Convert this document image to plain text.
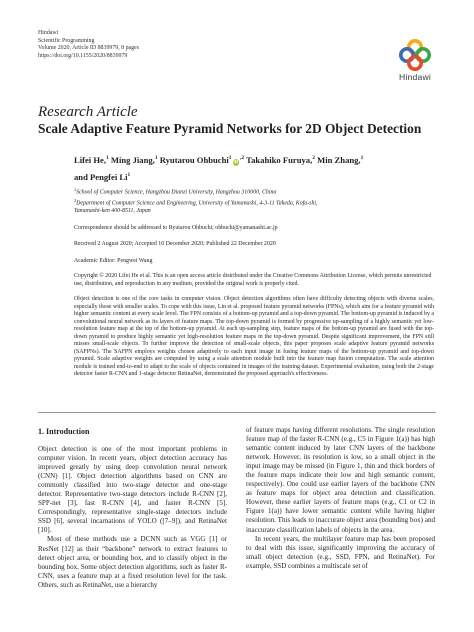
Hindawi
Scientific Programming
Volume 2020, Article ID 8839979, 8 pages
https://doi.org/10.1155/2020/8839979
Hindawi
Research Article
Scale Adaptive Feature Pyramid Networks for 2D Object Detection
Lifei He,$^1$ Ming Jiang,$^1$ Ryutarou $Ohbuchi^1iD^{,2}$ Takahiko Furuya,$^2$ Min Zhang,$^1$
and Pengfei Li$^1$
$^1$School of Computer Science, Hangzhou Dianzi University, Hangzhou 310000, China
$^2$Department of Computer Science and Engineering, University of Yamanashi, 4-3-11 Takeda, Kofu-shi,
Yamanashi-ken 400-8511, Japan
Correspondence should be addressed to Ryutarou Ohbuchi; ohbuchi@yamanashi.ac.jp
Received 2 August 2020; Accepted 10 December 2020; Published 22 December 2020
Academic Editor: Pengwei Wang
Copyright © 2020 Lifei He et al. This is an open access article distributed under the Creative Commons Attribution License, which permits unrestricted use, distribution, and reproduction in any medium, provided the original work is properly cited.
Object detection is one of the core tasks in computer vision. Object detection algorithms often have difficulty detecting objects with diverse scales, especially those with smaller scales. To cope with this issue, Lin et al. proposed feature pyramid networks (FPNs), which aim for a feature pyramid with higher semantic content at every scale level. The FPN consists of a bottom-up pyramid and a top-down pyramid. The bottom-up pyramid is induced by a convolutional neural network as its layers of feature maps. The top-down pyramid is formed by progressive up-sampling of a highly semantic yet low-resolution feature map at the top of the bottom-up pyramid. At each up-sampling step, feature maps of the bottom-up pyramid are fused with the top-down pyramid to produce highly semantic yet high-resolution feature maps in the top-down pyramid. Despite significant improvement, the FPN still misses small-scale objects. To further improve the detection of small-scale objects, this paper proposes scale adaptive feature pyramid networks (SAFPNs). The SAFPN employs weights chosen adaptively to each input image in fusing feature maps of the bottom-up pyramid and top-down pyramid. Scale adaptive weights are computed by using a scale attention module built into the feature map fusion computation. The scale attention module is trained end-to-end to adapt to the scale of objects contained in images of the training dataset. Experimental evaluation, using both the 2-stage detector faster R-CNN and 1-stage detector RetinaNet, demonstrated the proposed approach's effectiveness.
1. Introduction

Object detection is one of the most important problems in computer vision. In recent years, object detection accuracy has improved greatly by using deep convolution neural network (CNN) [1]. Object detection algorithms based on CNN are commonly classified into two-stage detector and one-stage detector. Representative two-stage detectors include R-CNN [2], SPP-net [3], fast R-CNN [4], and faster R-CNN [5]. Correspondingly, representative single-stage detectors include SSD [6], several incarnations of YOLO ([7–9]), and RetinaNet [10].

Most of these methods use a DCNN such as VGG [1] or ResNet [12] as their “backbone” network to extract features to detect object area, or bounding box, and to classify object in the bounding box. Some object detection algorithms, such as faster R-CNN, uses a feature map at a fixed resolution level for the task. Others, such as RetinaNet, use a hierarchy

of feature maps having different resolutions. The single resolution feature map of the faster R-CNN (e.g., C5 in Figure 1(a)) has high semantic content induced by later CNN layers of the backbone network. However, its resolution is low, so a small object in the input image may be missed (in Figure 1, thin and thick borders of the feature maps indicate their low and high semantic content, respectively). One could use earlier layers of the backbone CNN as feature maps for object area detection and classification. However, these earlier layers of feature maps (e.g., C1 or C2 in Figure 1(a)) have lower semantic content while having higher resolution. This leads to inaccurate object area (bounding box) and inaccurate classification labels of objects in the area.

In recent years, the multilayer feature map has been proposed to deal with this issue, significantly improving the accuracy of small object detection (e.g., SSD, FPN, and RetinaNet). For example, SSD combines a multiscale set of
